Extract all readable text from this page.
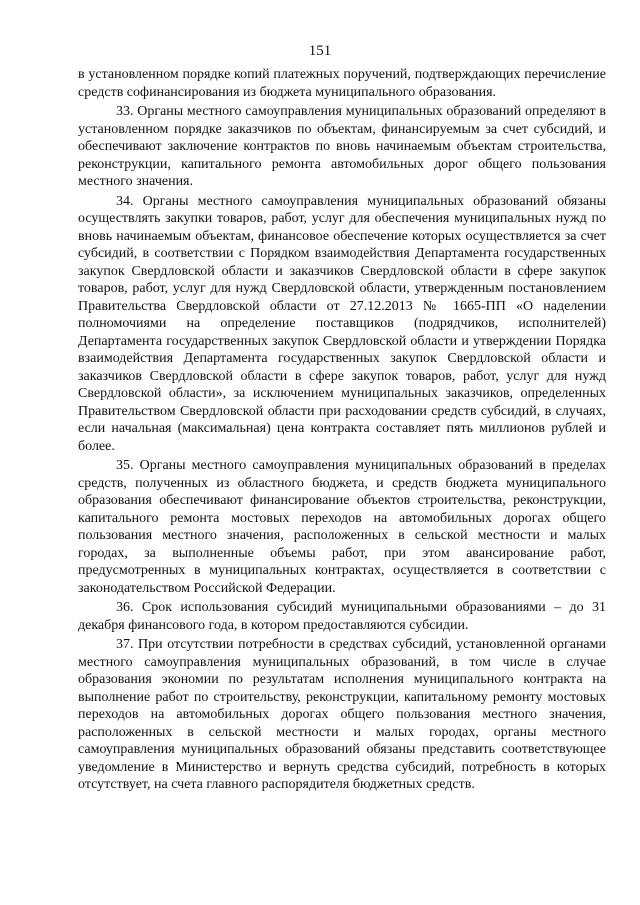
151

в установленном порядке копий платежных поручений, подтверждающих перечисление средств софинансирования из бюджета муниципального образования.

33. Органы местного самоуправления муниципальных образований определяют в установленном порядке заказчиков по объектам, финансируемым за счет субсидий, и обеспечивают заключение контрактов по вновь начинаемым объектам строительства, реконструкции, капитального ремонта автомобильных дорог общего пользования местного значения.

34. Органы местного самоуправления муниципальных образований обязаны осуществлять закупки товаров, работ, услуг для обеспечения муниципальных нужд по вновь начинаемым объектам, финансовое обеспечение которых осуществляется за счет субсидий, в соответствии с Порядком взаимодействия Департамента государственных закупок Свердловской области и заказчиков Свердловской области в сфере закупок товаров, работ, услуг для нужд Свердловской области, утвержденным постановлением Правительства Свердловской области от 27.12.2013 № 1665-ПП «О наделении полномочиями на определение поставщиков (подрядчиков, исполнителей) Департамента государственных закупок Свердловской области и утверждении Порядка взаимодействия Департамента государственных закупок Свердловской области и заказчиков Свердловской области в сфере закупок товаров, работ, услуг для нужд Свердловской области», за исключением муниципальных заказчиков, определенных Правительством Свердловской области при расходовании средств субсидий, в случаях, если начальная (максимальная) цена контракта составляет пять миллионов рублей и более.

35. Органы местного самоуправления муниципальных образований в пределах средств, полученных из областного бюджета, и средств бюджета муниципального образования обеспечивают финансирование объектов строительства, реконструкции, капитального ремонта мостовых переходов на автомобильных дорогах общего пользования местного значения, расположенных в сельской местности и малых городах, за выполненные объемы работ, при этом авансирование работ, предусмотренных в муниципальных контрактах, осуществляется в соответствии с законодательством Российской Федерации.

36. Срок использования субсидий муниципальными образованиями – до 31 декабря финансового года, в котором предоставляются субсидии.

37. При отсутствии потребности в средствах субсидий, установленной органами местного самоуправления муниципальных образований, в том числе в случае образования экономии по результатам исполнения муниципального контракта на выполнение работ по строительству, реконструкции, капитальному ремонту мостовых переходов на автомобильных дорогах общего пользования местного значения, расположенных в сельской местности и малых городах, органы местного самоуправления муниципальных образований обязаны представить соответствующее уведомление в Министерство и вернуть средства субсидий, потребность в которых отсутствует, на счета главного распорядителя бюджетных средств.
